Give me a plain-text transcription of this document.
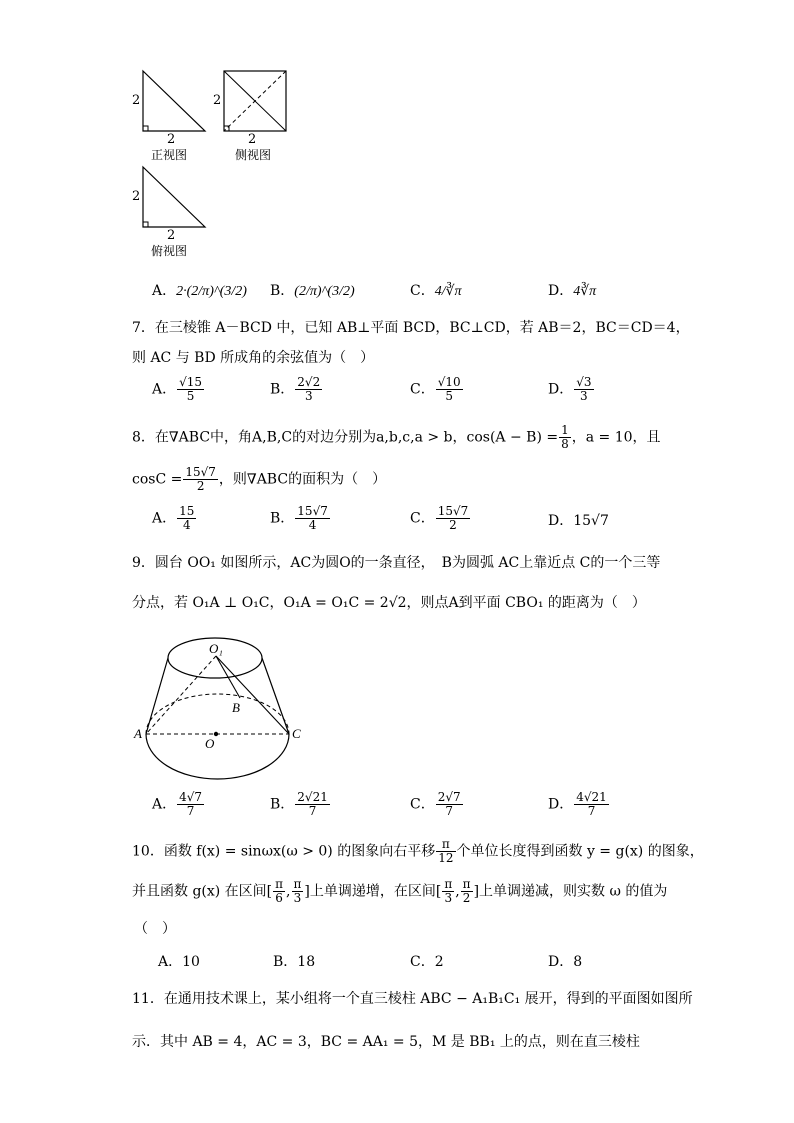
2
2
正视图
2
2
侧视图
2
2
俯视图
A．2·(2/π)^(3/2) B．(2/π)^(3/2)	C．4/∛π	D．4∛π
7．在三棱锥 A－BCD 中，已知 AB⊥平面 BCD，BC⊥CD，若 AB＝2，BC＝CD＝4，
则 AC 与 BD 所成角的余弦值为（　）
A． $\frac{√15}{5}$	B． $\frac{2√2}{3}$	C． $\frac{√10}{5}$	D． $\frac{√3}{3}$
8．在∇ABC中，角A,B,C的对边分别为a,b,c,a > b，$\cos(A - B) = \frac{1}{8}$ ，a = 10，且
$\cos C = \frac{15√7}{2}$ ，则∇ABC的面积为（　）
A． $\frac{15}{4}$	B． $\frac{15√7}{4}$	C． $\frac{15√7}{2}$	D．15√7
9．圆台 OO₁ 如图所示，AC为圆O的一条直径，　B为圆弧 AC上靠近点 C的一个三等
分点，若 O₁A ⊥ O₁C，O₁A = O₁C = 2√2，则点A到平面 CBO₁ 的距离为（　）
O₁
B
A
O
C
A． $\frac{4√7}{7}$	B． $\frac{2√21}{7}$	C． $\frac{2√7}{7}$	D． $\frac{4√21}{7}$
10．函数 f(x) = sinωx(ω > 0) 的图象向右平移 $\frac{\pi}{12}$ 个单位长度得到函数 y = g(x) 的图象，
并且函数 g(x) 在区间[ $\frac{\pi}{6}$ , $\frac{\pi}{3}$ ]上单调递增，在区间[ $\frac{\pi}{3}$ , $\frac{\pi}{2}$ ]上单调递减，则实数 ω 的值为
（　）
A．10	B．18	C．2	D．8
11．在通用技术课上，某小组将一个直三棱柱 ABC − A₁B₁C₁ 展开，得到的平面图如图所
示．其中 AB = 4，AC = 3，BC = AA₁ = 5，M 是 BB₁ 上的点，则在直三棱柱
